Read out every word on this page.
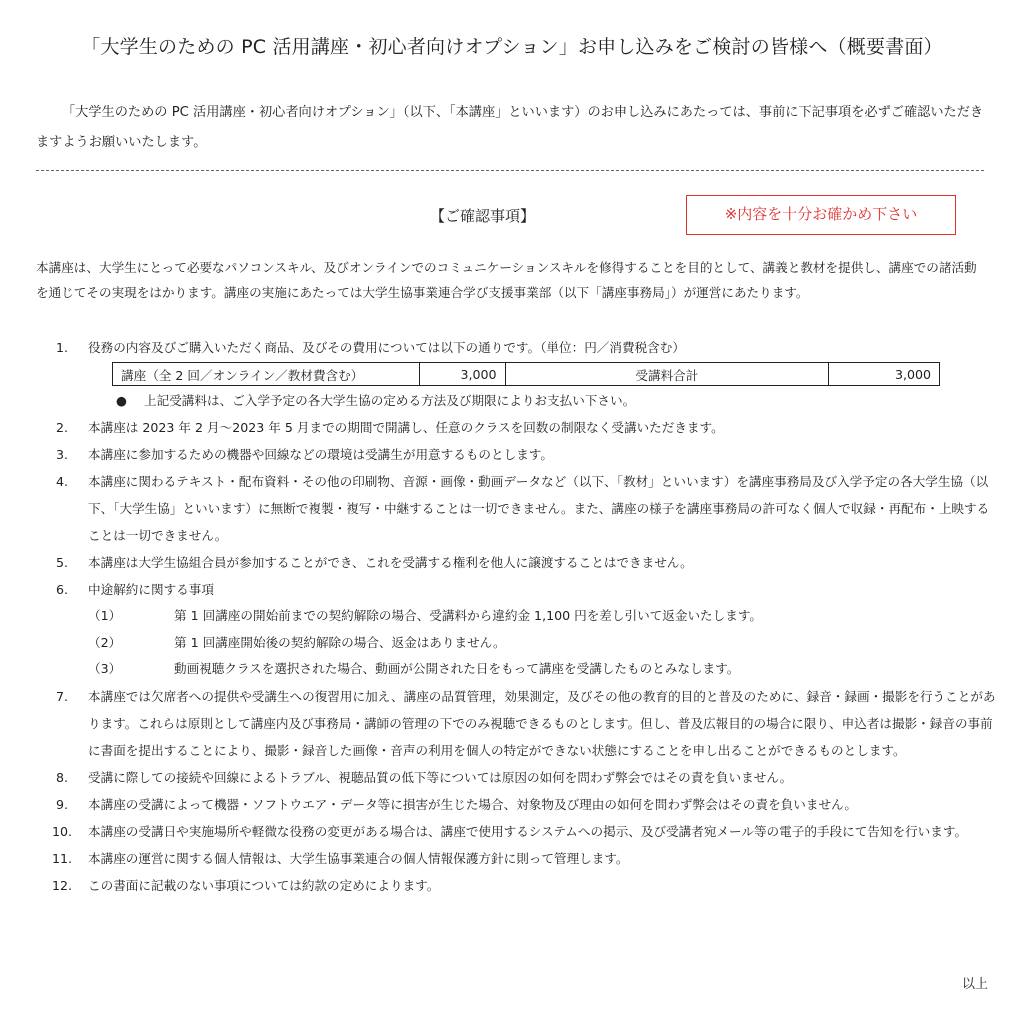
「大学生のための PC 活用講座・初心者向けオプション」お申し込みをご検討の皆様へ（概要書面）
「大学生のための PC 活用講座・初心者向けオプション」（以下、「本講座」といいます）のお申し込みにあたっては、事前に下記事項を必ずご確認いただきますようお願いいたします。
【ご確認事項】	※内容を十分お確かめ下さい
本講座は、大学生にとって必要なパソコンスキル、及びオンラインでのコミュニケーションスキルを修得することを目的として、講義と教材を提供し、講座での諸活動を通じてその実現をはかります。講座の実施にあたっては大学生協事業連合学び支援事業部（以下「講座事務局」）が運営にあたります。
1.	役務の内容及びご購入いただく商品、及びその費用については以下の通りです。（単位：円／消費税含む）
講座（全 2 回／オンライン／教材費含む）	3,000	受講料合計	3,000
● 上記受講料は、ご入学予定の各大学生協の定める方法及び期限によりお支払い下さい。
2.	本講座は 2023 年 2 月～2023 年 5 月までの期間で開講し、任意のクラスを回数の制限なく受講いただきます。
3.	本講座に参加するための機器や回線などの環境は受講生が用意するものとします。
4.	本講座に関わるテキスト・配布資料・その他の印刷物、音源・画像・動画データなど（以下、「教材」といいます）を講座事務局及び入学予定の各大学生協（以下、「大学生協」といいます）に無断で複製・複写・中継することは一切できません。また、講座の様子を講座事務局の許可なく個人で収録・再配布・上映することは一切できません。
5.	本講座は大学生協組合員が参加することができ、これを受講する権利を他人に譲渡することはできません。
6.	中途解約に関する事項
（1）	第 1 回講座の開始前までの契約解除の場合、受講料から違約金 1,100 円を差し引いて返金いたします。
（2）	第 1 回講座開始後の契約解除の場合、返金はありません。
（3）	動画視聴クラスを選択された場合、動画が公開された日をもって講座を受講したものとみなします。
7.	本講座では欠席者への提供や受講生への復習用に加え、講座の品質管理，効果測定，及びその他の教育的目的と普及のために、録音・録画・撮影を行うことがあります。これらは原則として講座内及び事務局・講師の管理の下でのみ視聴できるものとします。但し、普及広報目的の場合に限り、申込者は撮影・録音の事前に書面を提出することにより、撮影・録音した画像・音声の利用を個人の特定ができない状態にすることを申し出ることができるものとします。
8.	受講に際しての接続や回線によるトラブル、視聴品質の低下等については原因の如何を問わず弊会ではその責を負いません。
9.	本講座の受講によって機器・ソフトウエア・データ等に損害が生じた場合、対象物及び理由の如何を問わず弊会はその責を負いません。
10.	本講座の受講日や実施場所や軽微な役務の変更がある場合は、講座で使用するシステムへの掲示、及び受講者宛メール等の電子的手段にて告知を行います。
11.	本講座の運営に関する個人情報は、大学生協事業連合の個人情報保護方針に則って管理します。
12.	この書面に記載のない事項については約款の定めによります。
以上
